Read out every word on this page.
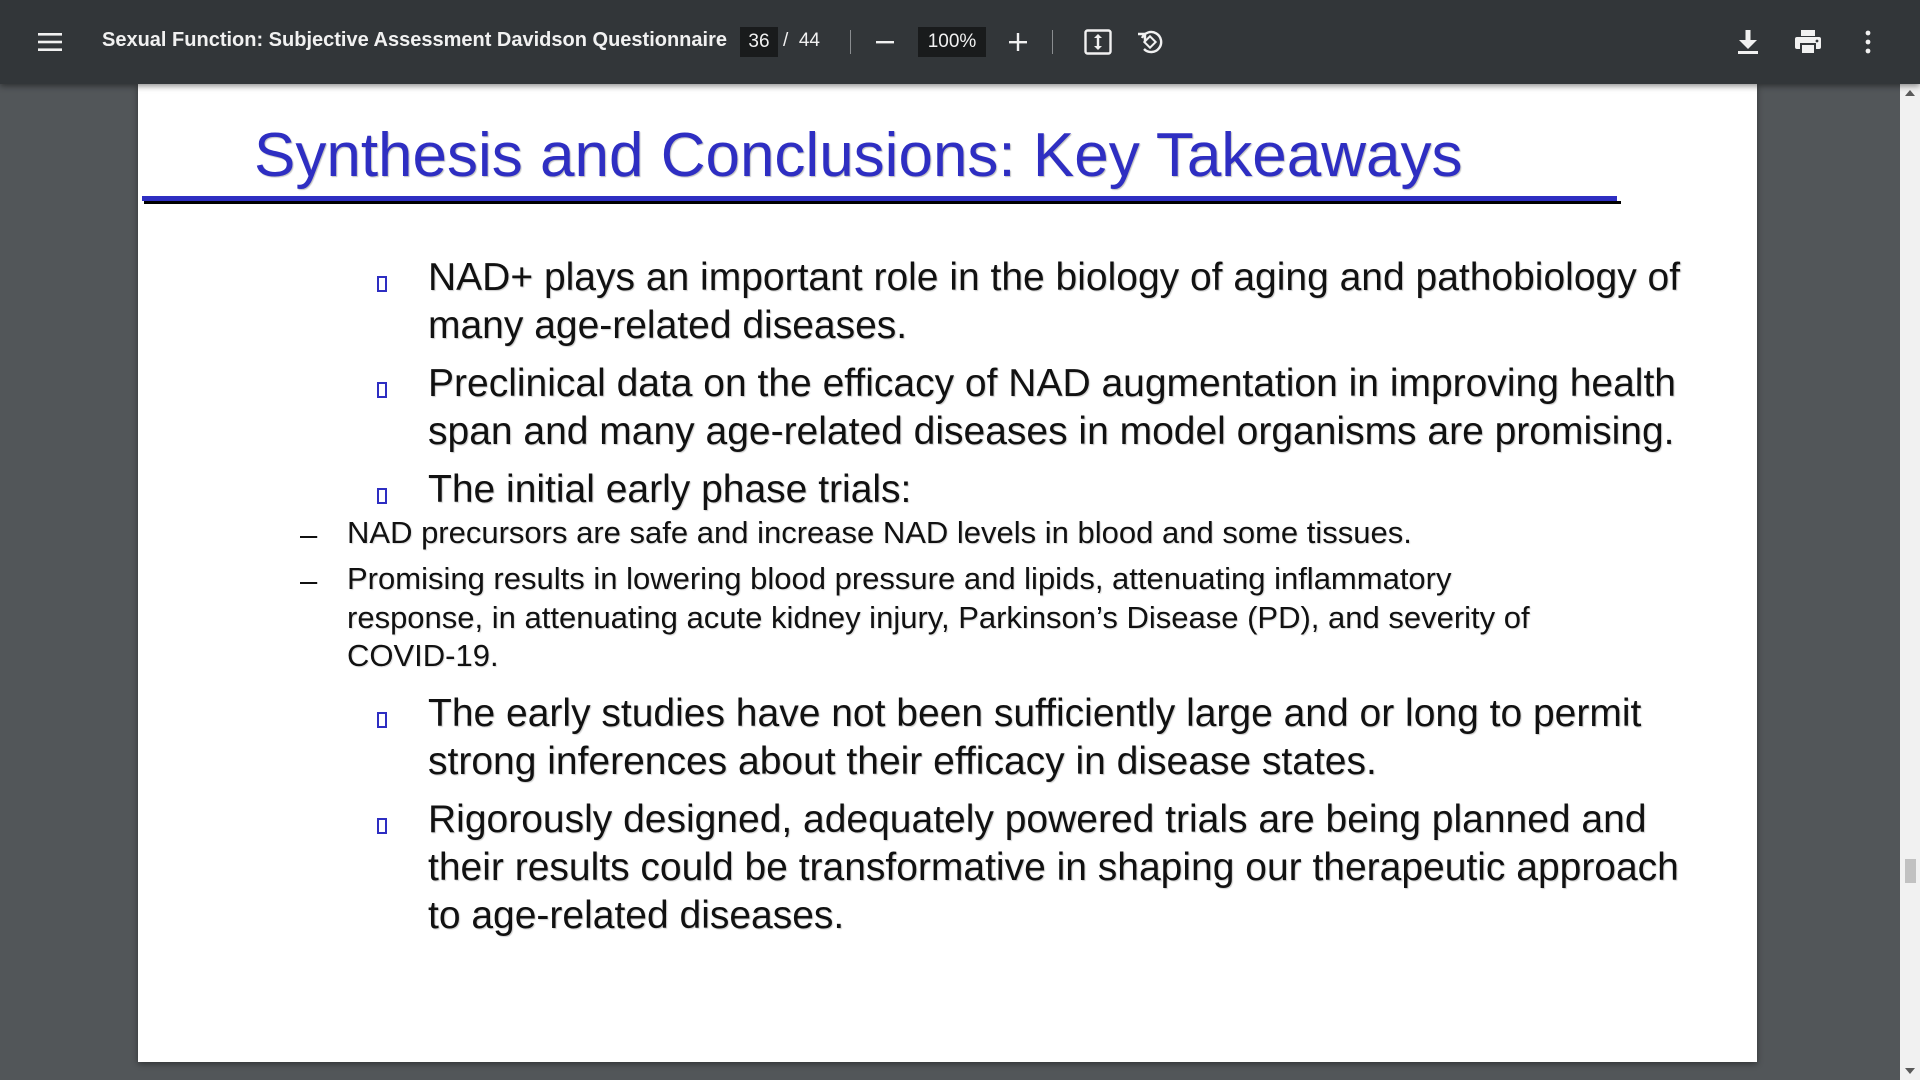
Sexual Function: Subjective Assessment Davidson Questionnaire
36	/ 44
100%
Synthesis and Conclusions: Key Takeaways
NAD+ plays an important role in the biology of aging and pathobiology of
many age-related diseases.
Preclinical data on the efficacy of NAD augmentation in improving health
span and many age-related diseases in model organisms are promising.
The initial early phase trials:
– NAD precursors are safe and increase NAD levels in blood and some tissues.
– Promising results in lowering blood pressure and lipids, attenuating inflammatory
response, in attenuating acute kidney injury, Parkinson’s Disease (PD), and severity of
COVID-19.
The early studies have not been sufficiently large and or long to permit
strong inferences about their efficacy in disease states.
Rigorously designed, adequately powered trials are being planned and
their results could be transformative in shaping our therapeutic approach
to age-related diseases.
